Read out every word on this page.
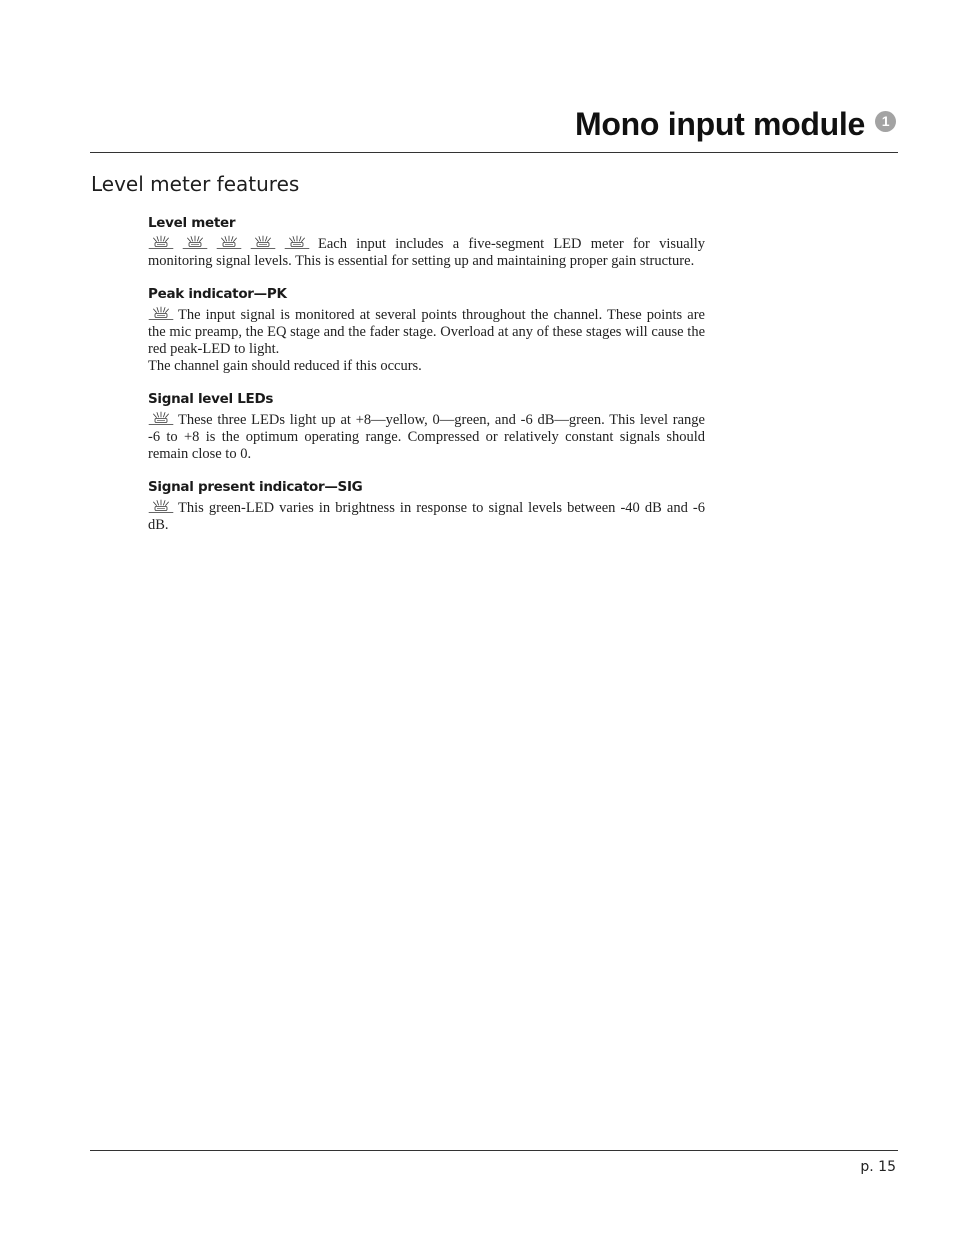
Mono input module	1
Level meter features
Level meter

Each input includes a five-segment LED meter for visually monitoring signal levels. This is essential for setting up and maintaining proper gain structure.

Peak indicator—PK

The input signal is monitored at several points throughout the channel. These points are the mic preamp, the EQ stage and the fader stage. Overload at any of these stages will cause the red peak-LED to light.
The channel gain should reduced if this occurs.

Signal level LEDs

These three LEDs light up at +8—yellow, 0—green, and -6 dB—green. This level range -6 to +8 is the optimum operating range. Compressed or relatively constant signals should remain close to 0.

Signal present indicator—SIG

This green-LED varies in brightness in response to signal levels between -40 dB and -6 dB.

p. 15
